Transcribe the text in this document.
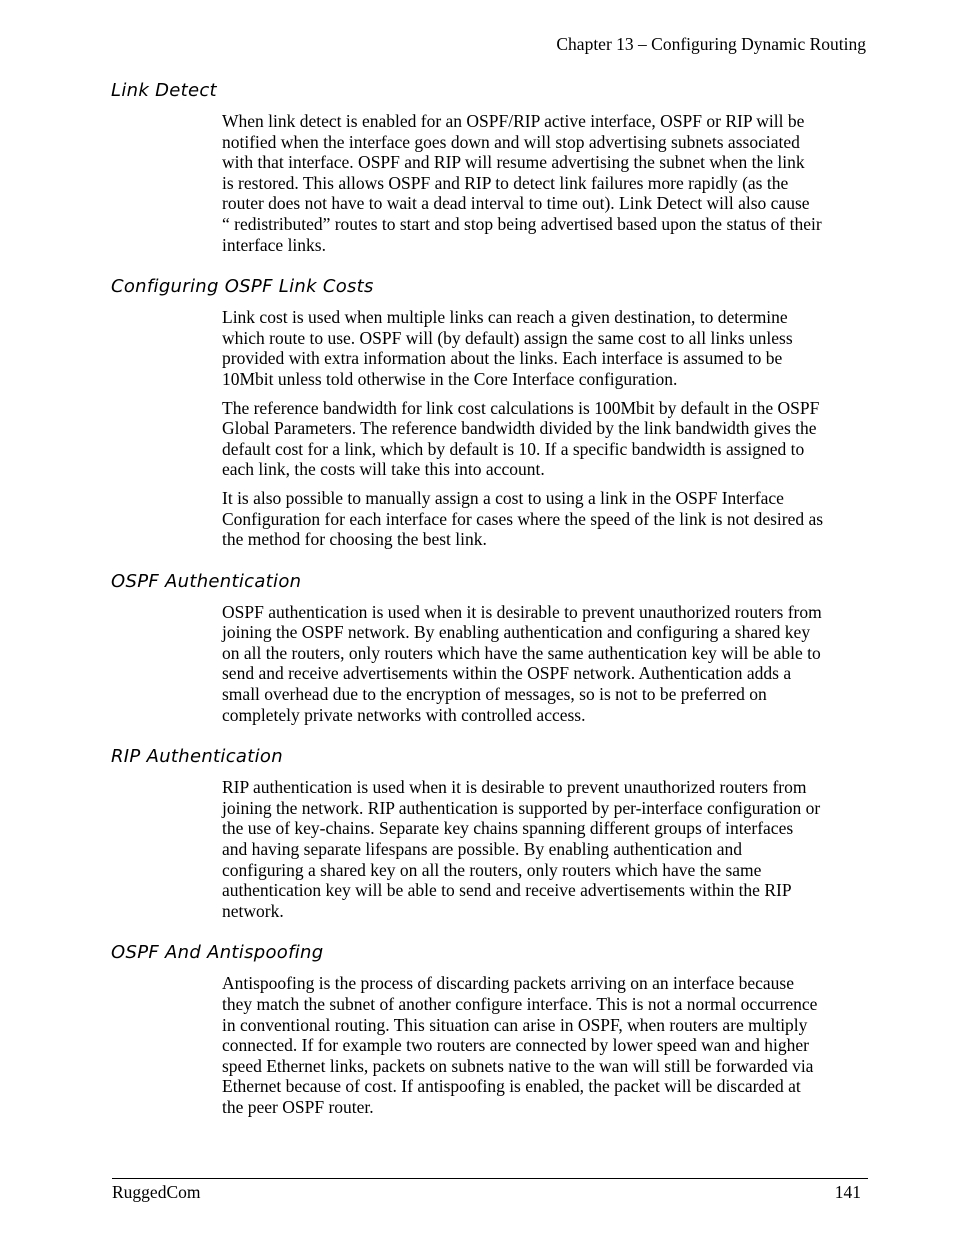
Chapter 13 – Configuring Dynamic Routing
Link Detect

When link detect is enabled for an OSPF/RIP active interface, OSPF or RIP will be
notified when the interface goes down and will stop advertising subnets associated
with that interface. OSPF and RIP will resume advertising the subnet when the link
is restored. This allows OSPF and RIP to detect link failures more rapidly (as the
router does not have to wait a dead interval to time out). Link Detect will also cause
“ redistributed” routes to start and stop being advertised based upon the status of their
interface links.

Configuring OSPF Link Costs

Link cost is used when multiple links can reach a given destination, to determine
which route to use. OSPF will (by default) assign the same cost to all links unless
provided with extra information about the links. Each interface is assumed to be
10Mbit unless told otherwise in the Core Interface configuration.

The reference bandwidth for link cost calculations is 100Mbit by default in the OSPF
Global Parameters. The reference bandwidth divided by the link bandwidth gives the
default cost for a link, which by default is 10. If a specific bandwidth is assigned to
each link, the costs will take this into account.

It is also possible to manually assign a cost to using a link in the OSPF Interface
Configuration for each interface for cases where the speed of the link is not desired as
the method for choosing the best link.

OSPF Authentication

OSPF authentication is used when it is desirable to prevent unauthorized routers from
joining the OSPF network. By enabling authentication and configuring a shared key
on all the routers, only routers which have the same authentication key will be able to
send and receive advertisements within the OSPF network. Authentication adds a
small overhead due to the encryption of messages, so is not to be preferred on
completely private networks with controlled access.

RIP Authentication

RIP authentication is used when it is desirable to prevent unauthorized routers from
joining the network. RIP authentication is supported by per-interface configuration or
the use of key-chains. Separate key chains spanning different groups of interfaces
and having separate lifespans are possible. By enabling authentication and
configuring a shared key on all the routers, only routers which have the same
authentication key will be able to send and receive advertisements within the RIP
network.

OSPF And Antispoofing

Antispoofing is the process of discarding packets arriving on an interface because
they match the subnet of another configure interface. This is not a normal occurrence
in conventional routing. This situation can arise in OSPF, when routers are multiply
connected. If for example two routers are connected by lower speed wan and higher
speed Ethernet links, packets on subnets native to the wan will still be forwarded via
Ethernet because of cost. If antispoofing is enabled, the packet will be discarded at
the peer OSPF router.

RuggedCom	141
